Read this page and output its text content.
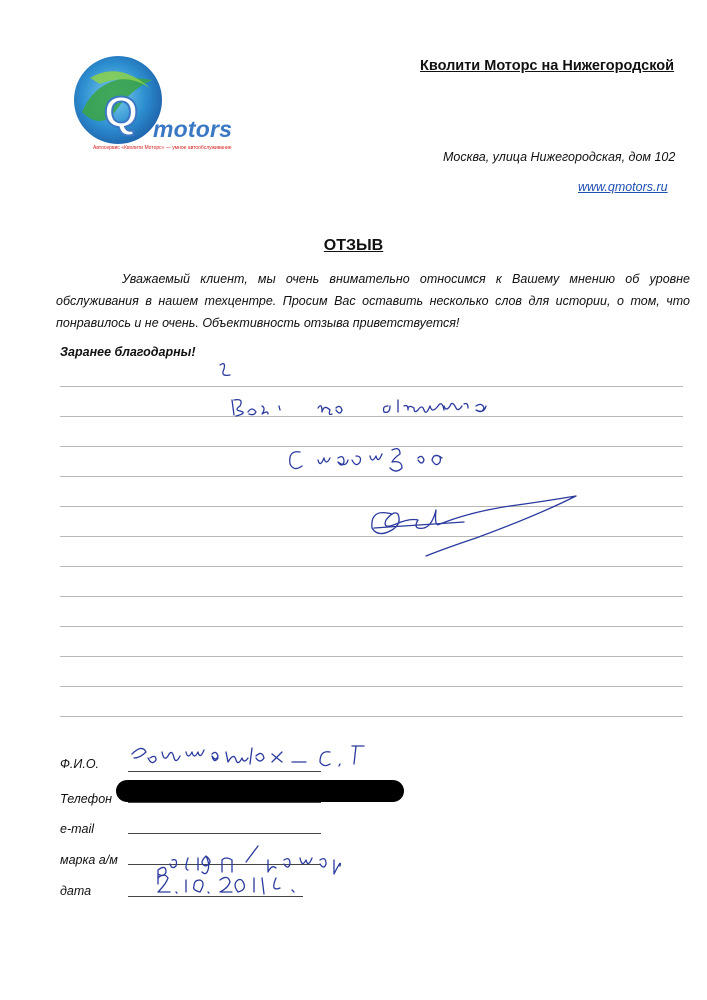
Q motors
Автосервис «Кволити Моторс» — умное автообслуживание
Кволити Моторс на Нижегородской
Москва, улица Нижегородская, дом 102
www.qmotors.ru
ОТЗЫВ
Уважаемый клиент, мы очень внимательно относимся к Вашему мнению об уровне обслуживания в нашем техцентре. Просим Вас оставить несколько слов для истории, о том, что понравилось и не очень. Объективность отзыва приветствуется!
Заранее благодарны!
Ф.И.О.
Телефон
e-mail
марка а/м
дата
